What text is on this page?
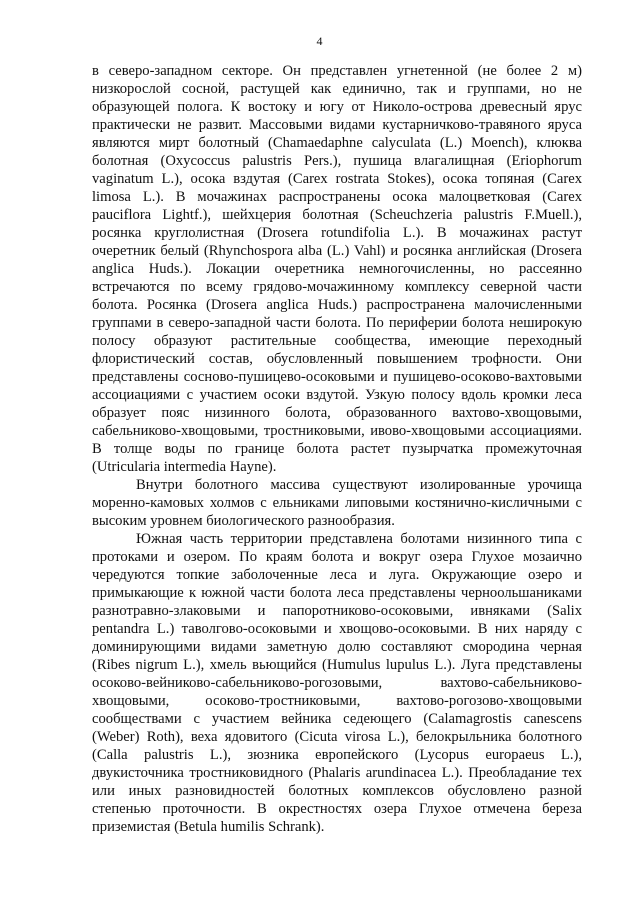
4

в северо-западном секторе. Он представлен угнетенной (не более 2 м) низкорослой сосной, растущей как единично, так и группами, но не образующей полога. К востоку и югу от Николо-острова древесный ярус практически не развит. Массовыми видами кустарничково-травяного яруса являются мирт болотный (Chamaedaphne calyculata (L.) Moench), клюква болотная (Oxycoccus palustris Pers.), пушица влагалищная (Eriophorum vaginatum L.), осока вздутая (Carex rostrata Stokes), осока топяная (Carex limosa L.). В мочажинах распространены осока малоцветковая (Carex pauciflora Lightf.), шейхцерия болотная (Scheuchzeria palustris F.Muell.), росянка круглолистная (Drosera rotundifolia L.). В мочажинах растут очеретник белый (Rhynchospora alba (L.) Vahl) и росянка английская (Drosera anglica Huds.). Локации очеретника немногочисленны, но рассеянно встречаются по всему грядово-мочажинному комплексу северной части болота. Росянка (Drosera anglica Huds.) распространена малочисленными группами в северо-западной части болота. По периферии болота неширокую полосу образуют растительные сообщества, имеющие переходный флористический состав, обусловленный повышением трофности. Они представлены сосново-пушицево-осоковыми и пушицево-осоково-вахтовыми ассоциациями с участием осоки вздутой. Узкую полосу вдоль кромки леса образует пояс низинного болота, образованного вахтово-хвощовыми, сабельниково-хвощовыми, тростниковыми, ивово-хвощовыми ассоциациями. В толще воды по границе болота растет пузырчатка промежуточная (Utricularia intermedia Hayne).

Внутри болотного массива существуют изолированные урочища моренно-камовых холмов с ельниками липовыми костянично-кисличными с высоким уровнем биологического разнообразия.

Южная часть территории представлена болотами низинного типа с протоками и озером. По краям болота и вокруг озера Глухое мозаично чередуются топкие заболоченные леса и луга. Окружающие озеро и примыкающие к южной части болота леса представлены черноольшаниками разнотравно-злаковыми и папоротниково-осоковыми, ивняками (Salix pentandra L.) таволгово-осоковыми и хвощово-осоковыми. В них наряду с доминирующими видами заметную долю составляют смородина черная (Ribes nigrum L.), хмель вьющийся (Humulus lupulus L.). Луга представлены осоково-вейниково-сабельниково-рогозовыми, вахтово-сабельниково-хвощовыми, осоково-тростниковыми, вахтово-рогозово-хвощовыми сообществами с участием вейника седеющего (Calamagrostis canescens (Weber) Roth), веха ядовитого (Cicuta virosa L.), белокрыльника болотного (Calla palustris L.), зюзника европейского (Lycopus europaeus L.), двукисточника тростниковидного (Phalaris arundinacea L.). Преобладание тех или иных разновидностей болотных комплексов обусловлено разной степенью проточности. В окрестностях озера Глухое отмечена береза приземистая (Betula humilis Schrank).
